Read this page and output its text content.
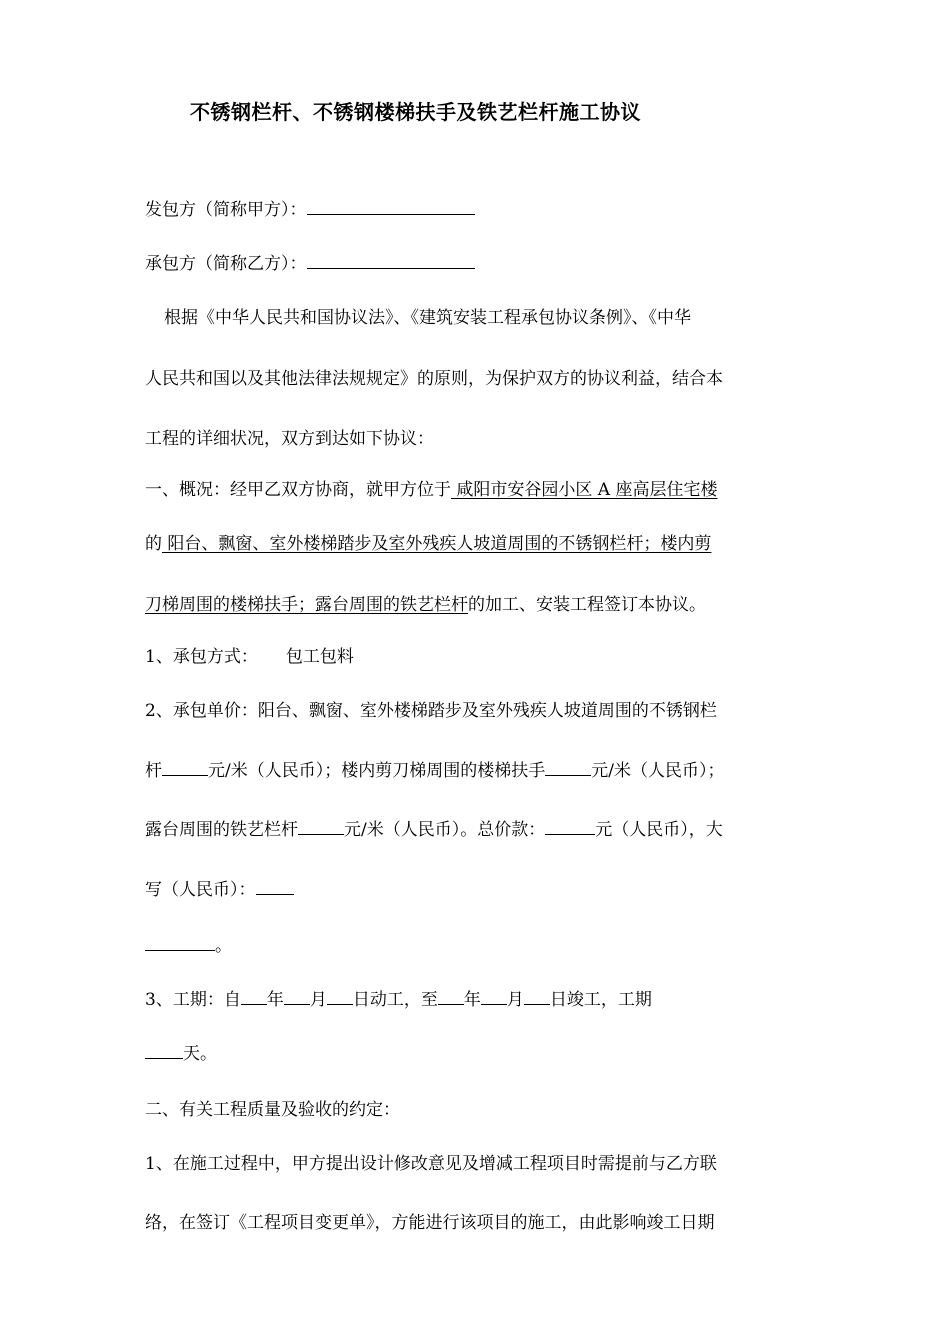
不锈钢栏杆、不锈钢楼梯扶手及铁艺栏杆施工协议
发包方（简称甲方）：
承包方（简称乙方）：
根据《中华人民共和国协议法》、《建筑安装工程承包协议条例》、《中华
人民共和国以及其他法律法规规定》的原则，为保护双方的协议利益，结合本
工程的详细状况，双方到达如下协议：
一、概况：经甲乙双方协商，就甲方位于 咸阳市安谷园小区 A 座高层住宅楼
的 阳台、飘窗、室外楼梯踏步及室外残疾人坡道周围的不锈钢栏杆；楼内剪
刀梯周围的楼梯扶手；露台周围的铁艺栏杆的加工、安装工程签订本协议。
1、承包方式： 包工包料
2、承包单价：阳台、飘窗、室外楼梯踏步及室外残疾人坡道周围的不锈钢栏
杆	元/米（人民币）；楼内剪刀梯周围的楼梯扶手	元/米（人民币）；
露台周围的铁艺栏杆	元/米（人民币）。总价款：	元（人民币），大
写（人民币）：
。
3、工期：自 年 月 日动工，至 年 月 日竣工，工期
天。
二、有关工程质量及验收的约定：
1、在施工过程中，甲方提出设计修改意见及增减工程项目时需提前与乙方联
络，在签订《工程项目变更单》，方能进行该项目的施工，由此影响竣工日期
